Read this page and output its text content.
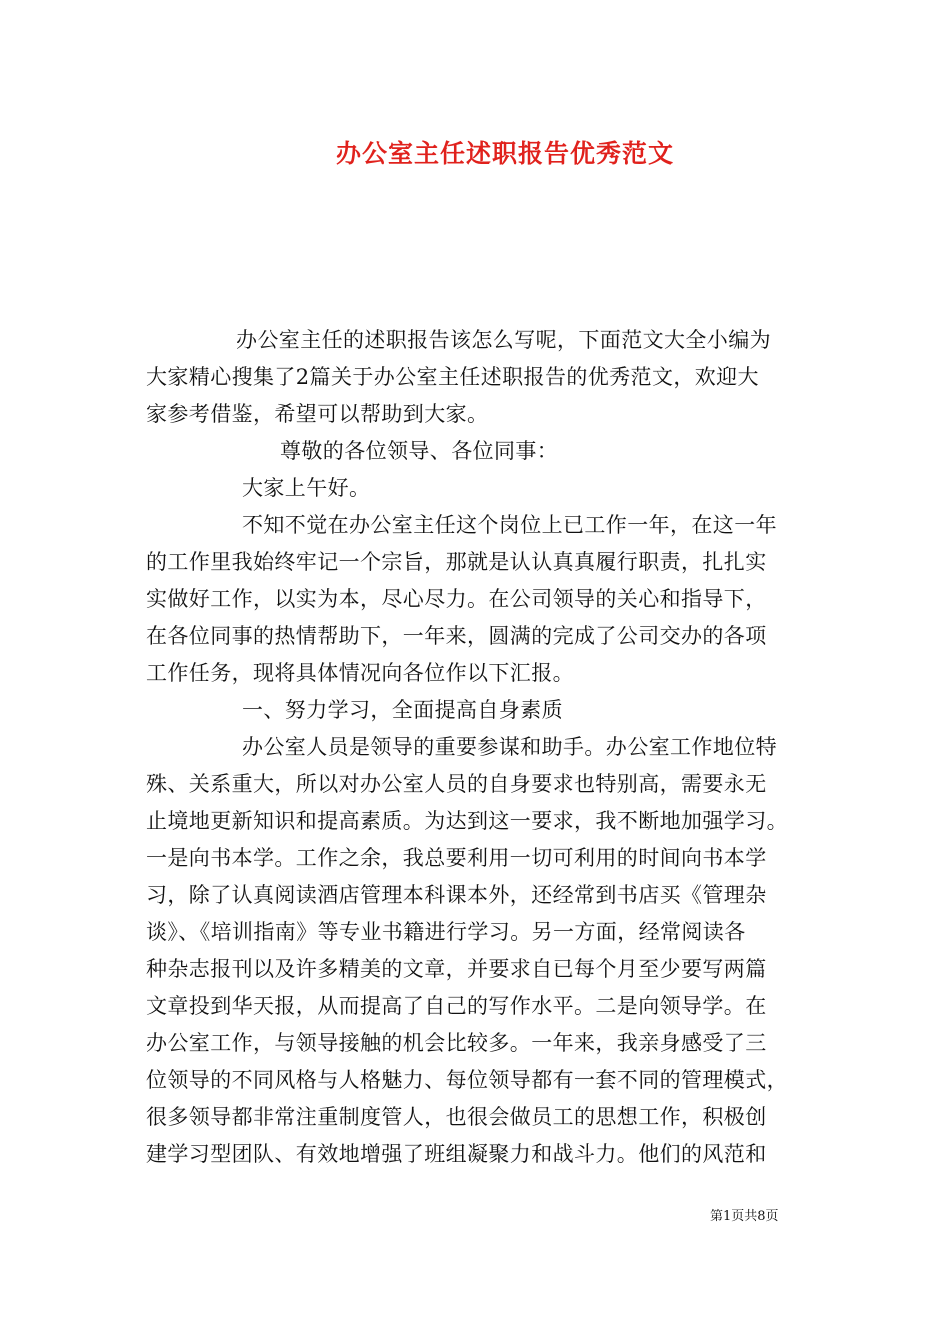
办公室主任述职报告优秀范文
办公室主任的述职报告该怎么写呢，下面范文大全小编为
大家精心搜集了2篇关于办公室主任述职报告的优秀范文，欢迎大
家参考借鉴，希望可以帮助到大家。
尊敬的各位领导、各位同事：
大家上午好。
不知不觉在办公室主任这个岗位上已工作一年，在这一年
的工作里我始终牢记一个宗旨，那就是认认真真履行职责，扎扎实
实做好工作，以实为本，尽心尽力。在公司领导的关心和指导下，
在各位同事的热情帮助下，一年来，圆满的完成了公司交办的各项
工作任务，现将具体情况向各位作以下汇报。
一、努力学习，全面提高自身素质
办公室人员是领导的重要参谋和助手。办公室工作地位特
殊、关系重大，所以对办公室人员的自身要求也特别高，需要永无
止境地更新知识和提高素质。为达到这一要求，我不断地加强学习。
一是向书本学。工作之余，我总要利用一切可利用的时间向书本学
习，除了认真阅读酒店管理本科课本外，还经常到书店买《管理杂
谈》、《培训指南》等专业书籍进行学习。另一方面，经常阅读各
种杂志报刊以及许多精美的文章，并要求自已每个月至少要写两篇
文章投到华天报，从而提高了自己的写作水平。二是向领导学。在
办公室工作，与领导接触的机会比较多。一年来，我亲身感受了三
位领导的不同风格与人格魅力、每位领导都有一套不同的管理模式，
很多领导都非常注重制度管人，也很会做员工的思想工作，积极创
建学习型团队、有效地增强了班组凝聚力和战斗力。他们的风范和
第1页共8页
